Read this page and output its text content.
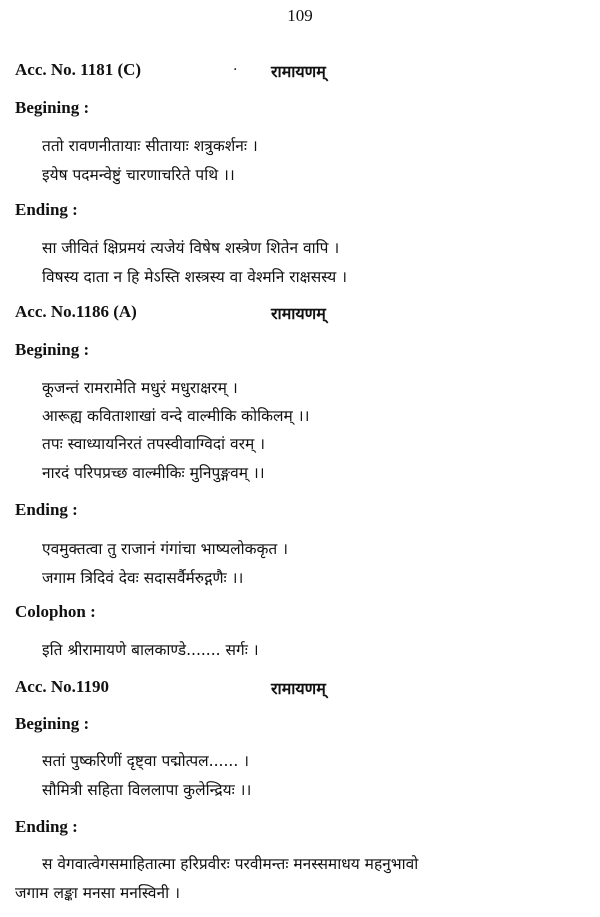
109
Acc. No. 1181 (C)	· रामायणम्
Begining :
ततो रावणनीतायाः सीतायाः शत्रुकर्शनः ।
इयेष पदमन्वेष्टुं चारणाचरिते पथि ।।
Ending :
सा जीवितं क्षिप्रमयं त्यजेयं विषेष शस्त्रेण शितेन वापि ।
विषस्य दाता न हि मेऽस्ति शस्त्रस्य वा वेश्मनि राक्षसस्य ।
Acc. No.1186 (A)	रामायणम्
Begining :
कूजन्तं रामरामेति मधुरं मधुराक्षरम् ।
आरूह्य कविताशाखां वन्दे वाल्मीकि कोकिलम् ।।
तपः स्वाध्यायनिरतं तपस्वीवाग्विदां वरम् ।
नारदं परिपप्रच्छ वाल्मीकिः मुनिपुङ्गवम् ।।
Ending :
एवमुक्तत्वा तु राजानं गंगांचा भाष्यलोककृत ।
जगाम त्रिदिवं देवः सदासर्वैर्मरुद्गणैः ।।
Colophon :
इति श्रीरामायणे बालकाण्डे....... सर्गः ।
Acc. No.1190	रामायणम्
Begining :
सतां पुष्करिणीं दृष्ट्वा पद्मोत्पल...... ।
सौमित्री सहिता विललापा कुलेन्द्रियः ।।
Ending :
स वेगवात्वेगसमाहितात्मा हरिप्रवीरः परवीमन्तः मनस्समाधय महनुभावो
जगाम लङ्का मनसा मनस्विनी ।
